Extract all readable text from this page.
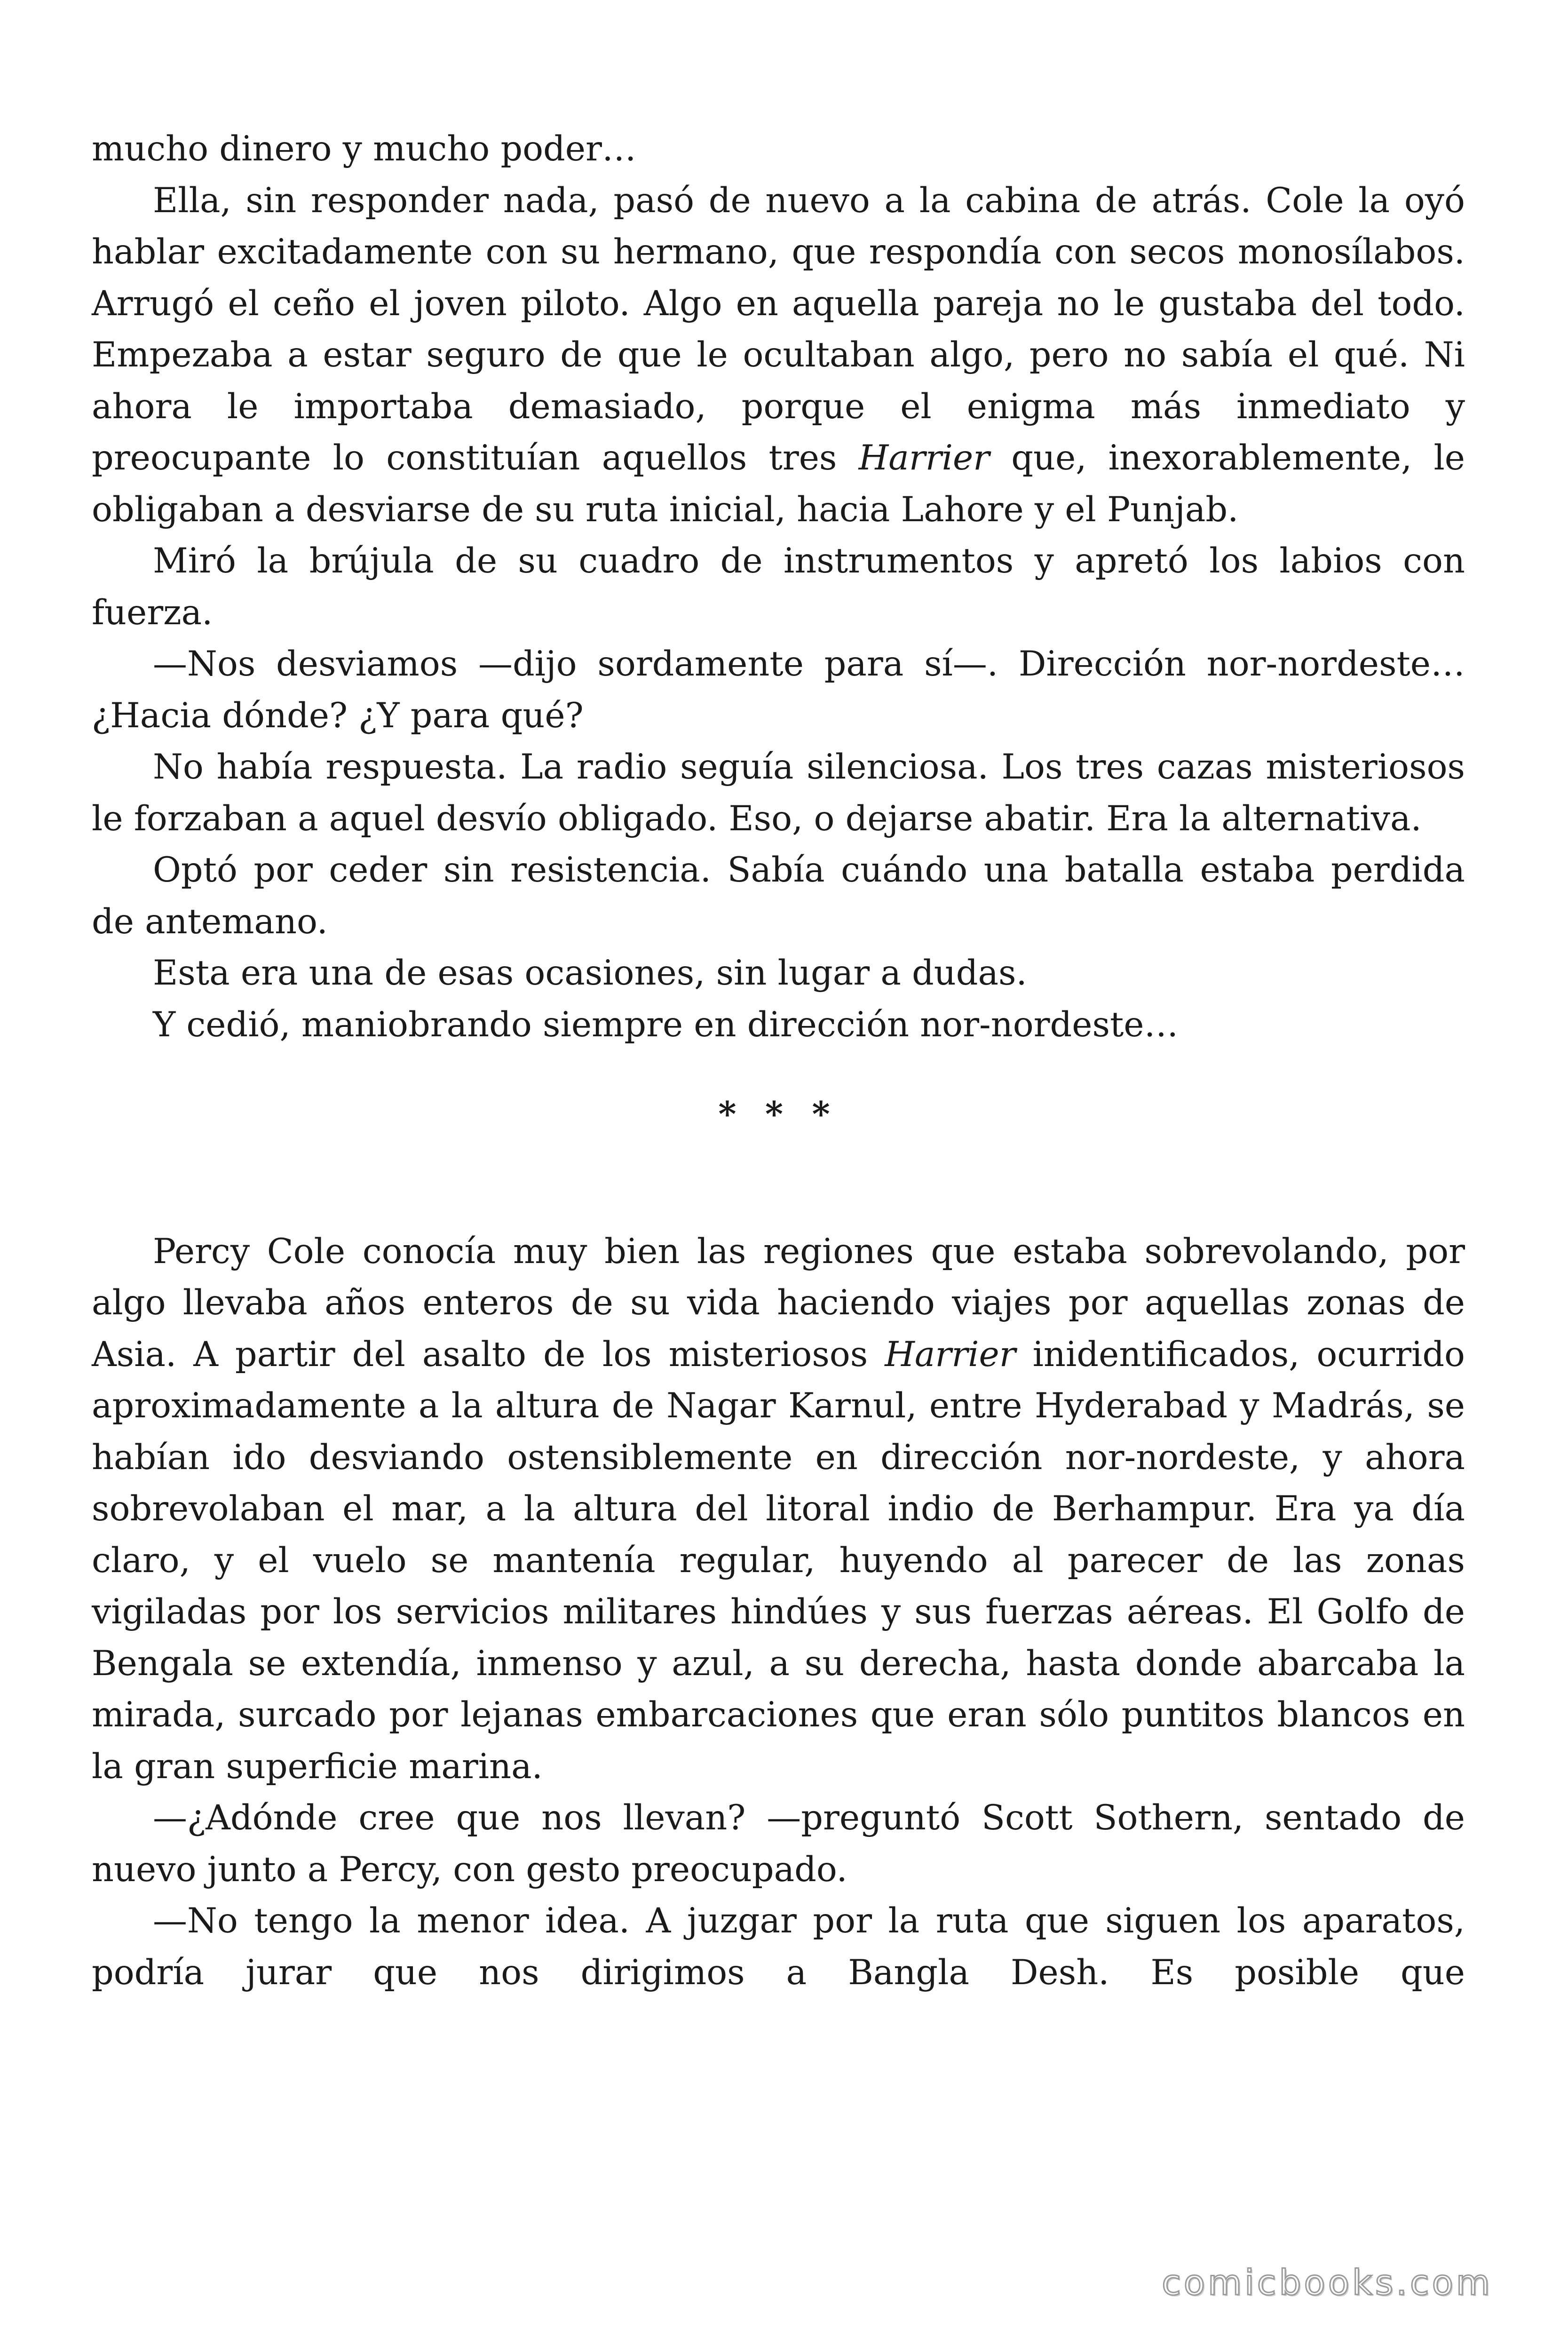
mucho dinero y mucho poder…

Ella, sin responder nada, pasó de nuevo a la cabina de atrás. Cole la oyó hablar excitadamente con su hermano, que respondía con secos monosílabos. Arrugó el ceño el joven piloto. Algo en aquella pareja no le gustaba del todo. Empezaba a estar seguro de que le ocultaban algo, pero no sabía el qué. Ni ahora le importaba demasiado, porque el enigma más inmediato y preocupante lo constituían aquellos tres Harrier que, inexorablemente, le obligaban a desviarse de su ruta inicial, hacia Lahore y el Punjab.

Miró la brújula de su cuadro de instrumentos y apretó los labios con fuerza.

—Nos desviamos —dijo sordamente para sí—. Dirección nor-nordeste… ¿Hacia dónde? ¿Y para qué?

No había respuesta. La radio seguía silenciosa. Los tres cazas misteriosos le forzaban a aquel desvío obligado. Eso, o dejarse abatir. Era la alternativa.

Optó por ceder sin resistencia. Sabía cuándo una batalla estaba perdida de antemano.

Esta era una de esas ocasiones, sin lugar a dudas.

Y cedió, maniobrando siempre en dirección nor-nordeste…

* * *

Percy Cole conocía muy bien las regiones que estaba sobrevolando, por algo llevaba años enteros de su vida haciendo viajes por aquellas zonas de Asia. A partir del asalto de los misteriosos Harrier inidentificados, ocurrido aproximadamente a la altura de Nagar Karnul, entre Hyderabad y Madrás, se habían ido desviando ostensiblemente en dirección nor-nordeste, y ahora sobrevolaban el mar, a la altura del litoral indio de Berhampur. Era ya día claro, y el vuelo se mantenía regular, huyendo al parecer de las zonas vigiladas por los servicios militares hindúes y sus fuerzas aéreas. El Golfo de Bengala se extendía, inmenso y azul, a su derecha, hasta donde abarcaba la mirada, surcado por lejanas embarcaciones que eran sólo puntitos blancos en la gran superficie marina.

—¿Adónde cree que nos llevan? —preguntó Scott Sothern, sentado de nuevo junto a Percy, con gesto preocupado.

—No tengo la menor idea. A juzgar por la ruta que siguen los aparatos, podría jurar que nos dirigimos a Bangla Desh. Es posible que

comicbooks.com
